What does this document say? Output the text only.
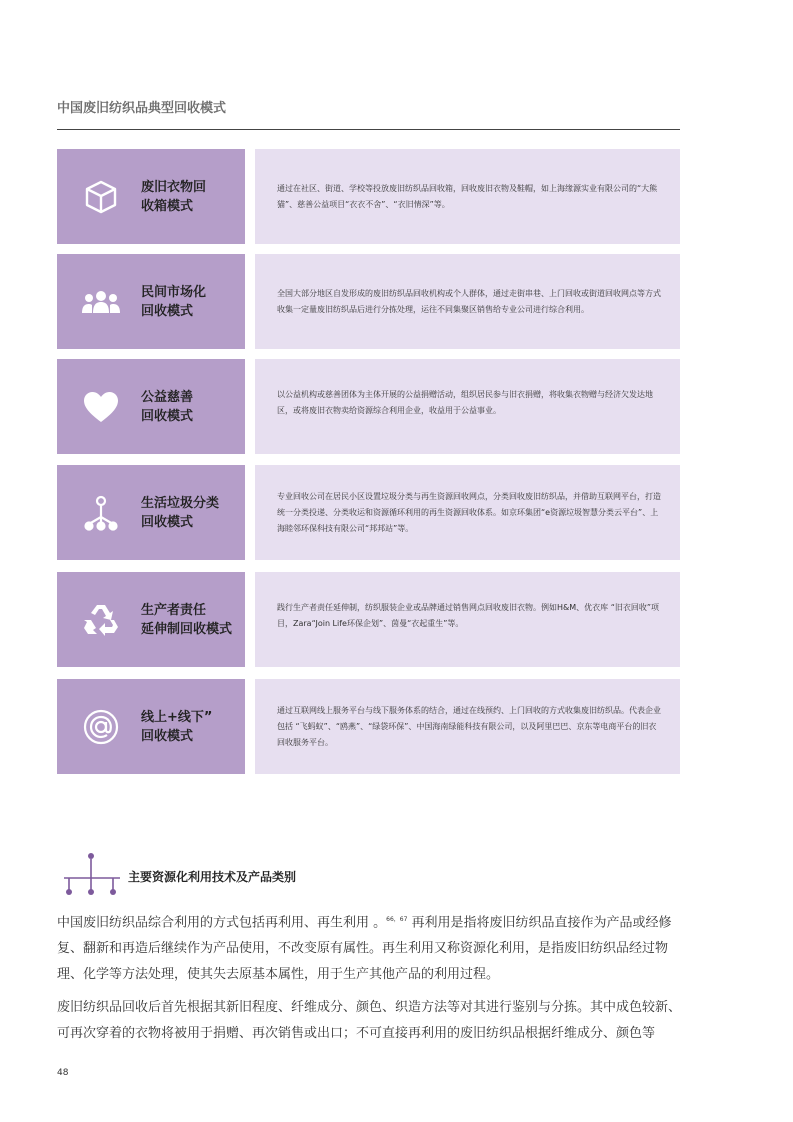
中国废旧纺织品典型回收模式
废旧衣物回
收箱模式
通过在社区、街道、学校等投放废旧纺织品回收箱，回收废旧衣物及鞋帽，如上海缘源实业有限公司的“大熊猫”、慈善公益项目“衣衣不舍”、“衣旧情深”等。
民间市场化
回收模式
全国大部分地区自发形成的废旧纺织品回收机构或个人群体，通过走街串巷、上门回收或街道回收网点等方式收集一定量废旧纺织品后进行分拣处理，运往不同集聚区销售给专业公司进行综合利用。
公益慈善
回收模式
以公益机构或慈善团体为主体开展的公益捐赠活动，组织居民参与旧衣捐赠，将收集衣物赠与经济欠发达地区，或将废旧衣物卖给资源综合利用企业，收益用于公益事业。
生活垃圾分类
回收模式
专业回收公司在居民小区设置垃圾分类与再生资源回收网点，分类回收废旧纺织品，并借助互联网平台，打造统一分类投递、分类收运和资源循环利用的再生资源回收体系。如京环集团“e资源垃圾智慧分类云平台”、上海睦邻环保科技有限公司“邦邦站”等。
生产者责任
延伸制回收模式
践行生产者责任延伸制，纺织服装企业或品牌通过销售网点回收废旧衣物。例如H&M、优衣库 “旧衣回收”项目，Zara“Join Life环保企划”、茵曼“衣起重生”等。
线上+线下”
回收模式
通过互联网线上服务平台与线下服务体系的结合，通过在线预约、上门回收的方式收集废旧纺织品。代表企业包括 “飞蚂蚁”、“鸥燕”、“绿袋环保”、中国海南绿能科技有限公司，以及阿里巴巴、京东等电商平台的旧衣回收服务平台。
主要资源化利用技术及产品类别
中国废旧纺织品综合利用的方式包括再利用、再生利用 。$^{66,67}$ 再利用是指将废旧纺织品直接作为产品或经修复、翻新和再造后继续作为产品使用，不改变原有属性。再生利用又称资源化利用，是指废旧纺织品经过物理、化学等方法处理，使其失去原基本属性，用于生产其他产品的利用过程。
废旧纺织品回收后首先根据其新旧程度、纤维成分、颜色、织造方法等对其进行鉴别与分拣。其中成色较新、可再次穿着的衣物将被用于捐赠、再次销售或出口；不可直接再利用的废旧纺织品根据纤维成分、颜色等
48
